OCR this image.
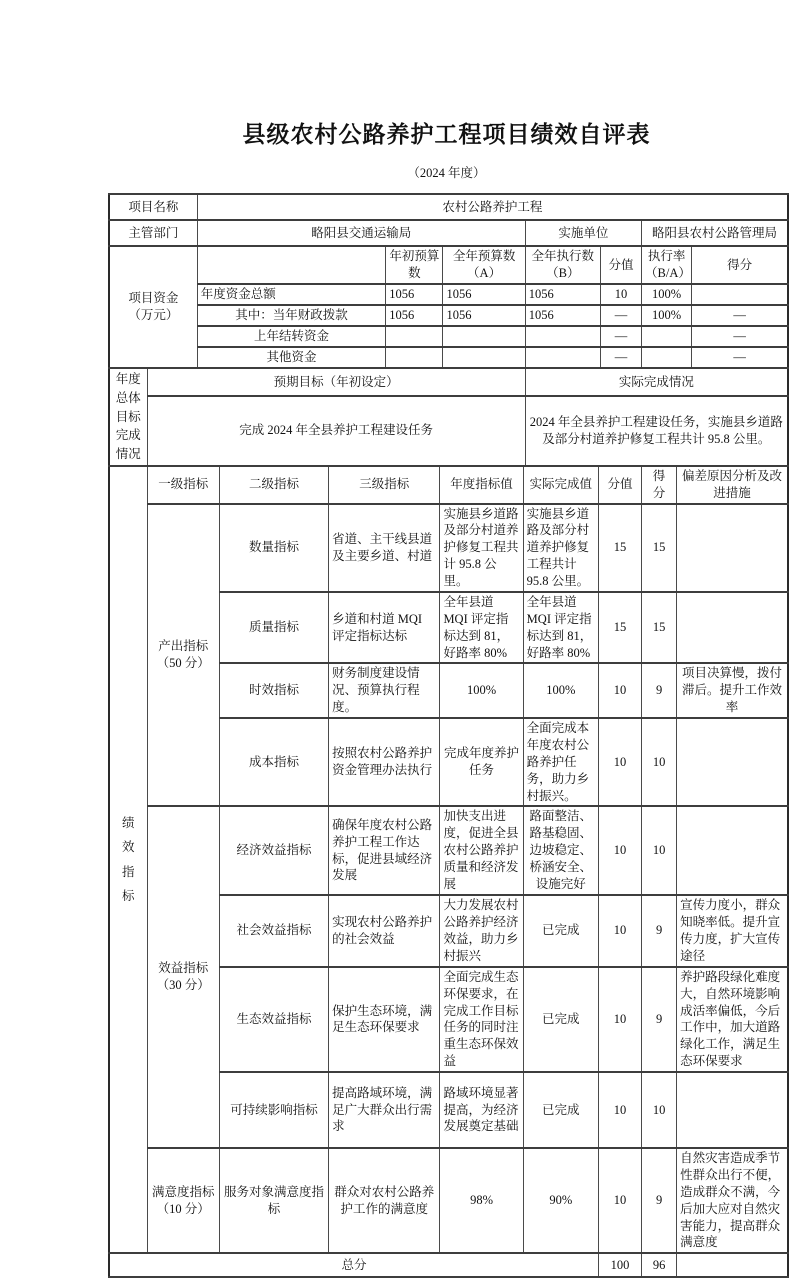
县级农村公路养护工程项目绩效自评表
（2024 年度）
项目名称	农村公路养护工程						
主管部门	略阳县交通运输局			实施单位		略阳县农村公路管理局	

项目资金
（万元）		年初预算数	全年预算数（A）	全年执行数（B）	分值	执行率（B/A）	得分
	年度资金总额	1056	1056	1056	10	100%	
	其中：当年财政拨款	1056	1056	1056	—	100%	—
	上年结转资金				—		—
	其他资金				—		—
年度总体目标完成情况	预期目标（年初设定）	实际完成情况
	完成 2024 年全县养护工程建设任务	2024 年全县养护工程建设任务，实施县乡道路及部分村道养护修复工程共计 95.8 公里。
绩效指标	一级指标	二级指标	三级指标	年度指标值	实际完成值	分值	得分	偏差原因分析及改进措施

	产出指标
（50 分）	数量指标	省道、主干线县道及主要乡道、村道	实施县乡道路及部分村道养护修复工程共计 95.8 公里。	实施县乡道路及部分村道养护修复工程共计 95.8 公里。	15	15	
		质量指标	乡道和村道 MQI 评定指标达标	全年县道 MQI 评定指标达到 81，好路率 80%	全年县道 MQI 评定指标达到 81，好路率 80%	15	15	
		时效指标	财务制度建设情况、预算执行程度。	100%	100%	10	9	项目决算慢，拨付滞后。提升工作效率
		成本指标	按照农村公路养护资金管理办法执行	完成年度养护任务	全面完成本年度农村公路养护任务，助力乡村振兴。	10	10	

	效益指标
（30 分）	经济效益指标	确保年度农村公路养护工程工作达标，促进县域经济发展	加快支出进度，促进全县农村公路养护质量和经济发展	路面整洁、路基稳固、边坡稳定、桥涵安全、设施完好	10	10	
		社会效益指标	实现农村公路养护的社会效益	大力发展农村公路养护经济效益，助力乡村振兴	已完成	10	9	宣传力度小，群众知晓率低。提升宣传力度，扩大宣传途径
		生态效益指标	保护生态环境，满足生态环保要求	全面完成生态环保要求，在完成工作目标任务的同时注重生态环保效益	已完成	10	9	养护路段绿化难度大，自然环境影响成活率偏低，今后工作中，加大道路绿化工作，满足生态环保要求
		可持续影响指标	提高路域环境，满足广大群众出行需求	路域环境显著提高，为经济发展奠定基础	已完成	10	10	

	满意度指标
（10 分）	服务对象满意度指标	群众对农村公路养护工作的满意度	98%	90%	10	9	自然灾害造成季节性群众出行不便，造成群众不满，今后加大应对自然灾害能力，提高群众满意度
总分						100	96	
